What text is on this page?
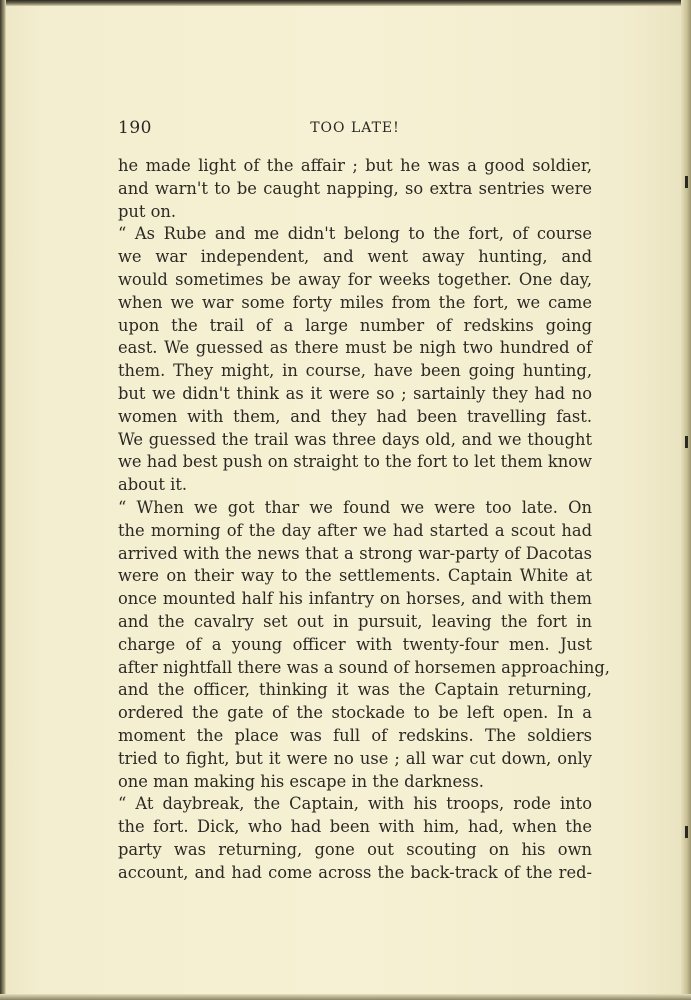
190	TOO LATE!
he made light of the affair ; but he was a good soldier,
and warn't to be caught napping, so extra sentries were
put on.
“ As Rube and me didn't belong to the fort, of course
we war independent, and went away hunting, and
would sometimes be away for weeks together. One day,
when we war some forty miles from the fort, we came
upon the trail of a large number of redskins going
east. We guessed as there must be nigh two hundred of
them. They might, in course, have been going hunting,
but we didn't think as it were so ; sartainly they had no
women with them, and they had been travelling fast.
We guessed the trail was three days old, and we thought
we had best push on straight to the fort to let them know
about it.
“ When we got thar we found we were too late. On
the morning of the day after we had started a scout had
arrived with the news that a strong war-party of Dacotas
were on their way to the settlements. Captain White at
once mounted half his infantry on horses, and with them
and the cavalry set out in pursuit, leaving the fort in
charge of a young officer with twenty-four men. Just
after nightfall there was a sound of horsemen approaching,
and the officer, thinking it was the Captain returning,
ordered the gate of the stockade to be left open. In a
moment the place was full of redskins. The soldiers
tried to fight, but it were no use ; all war cut down, only
one man making his escape in the darkness.
“ At daybreak, the Captain, with his troops, rode into
the fort. Dick, who had been with him, had, when the
party was returning, gone out scouting on his own
account, and had come across the back-track of the red-
